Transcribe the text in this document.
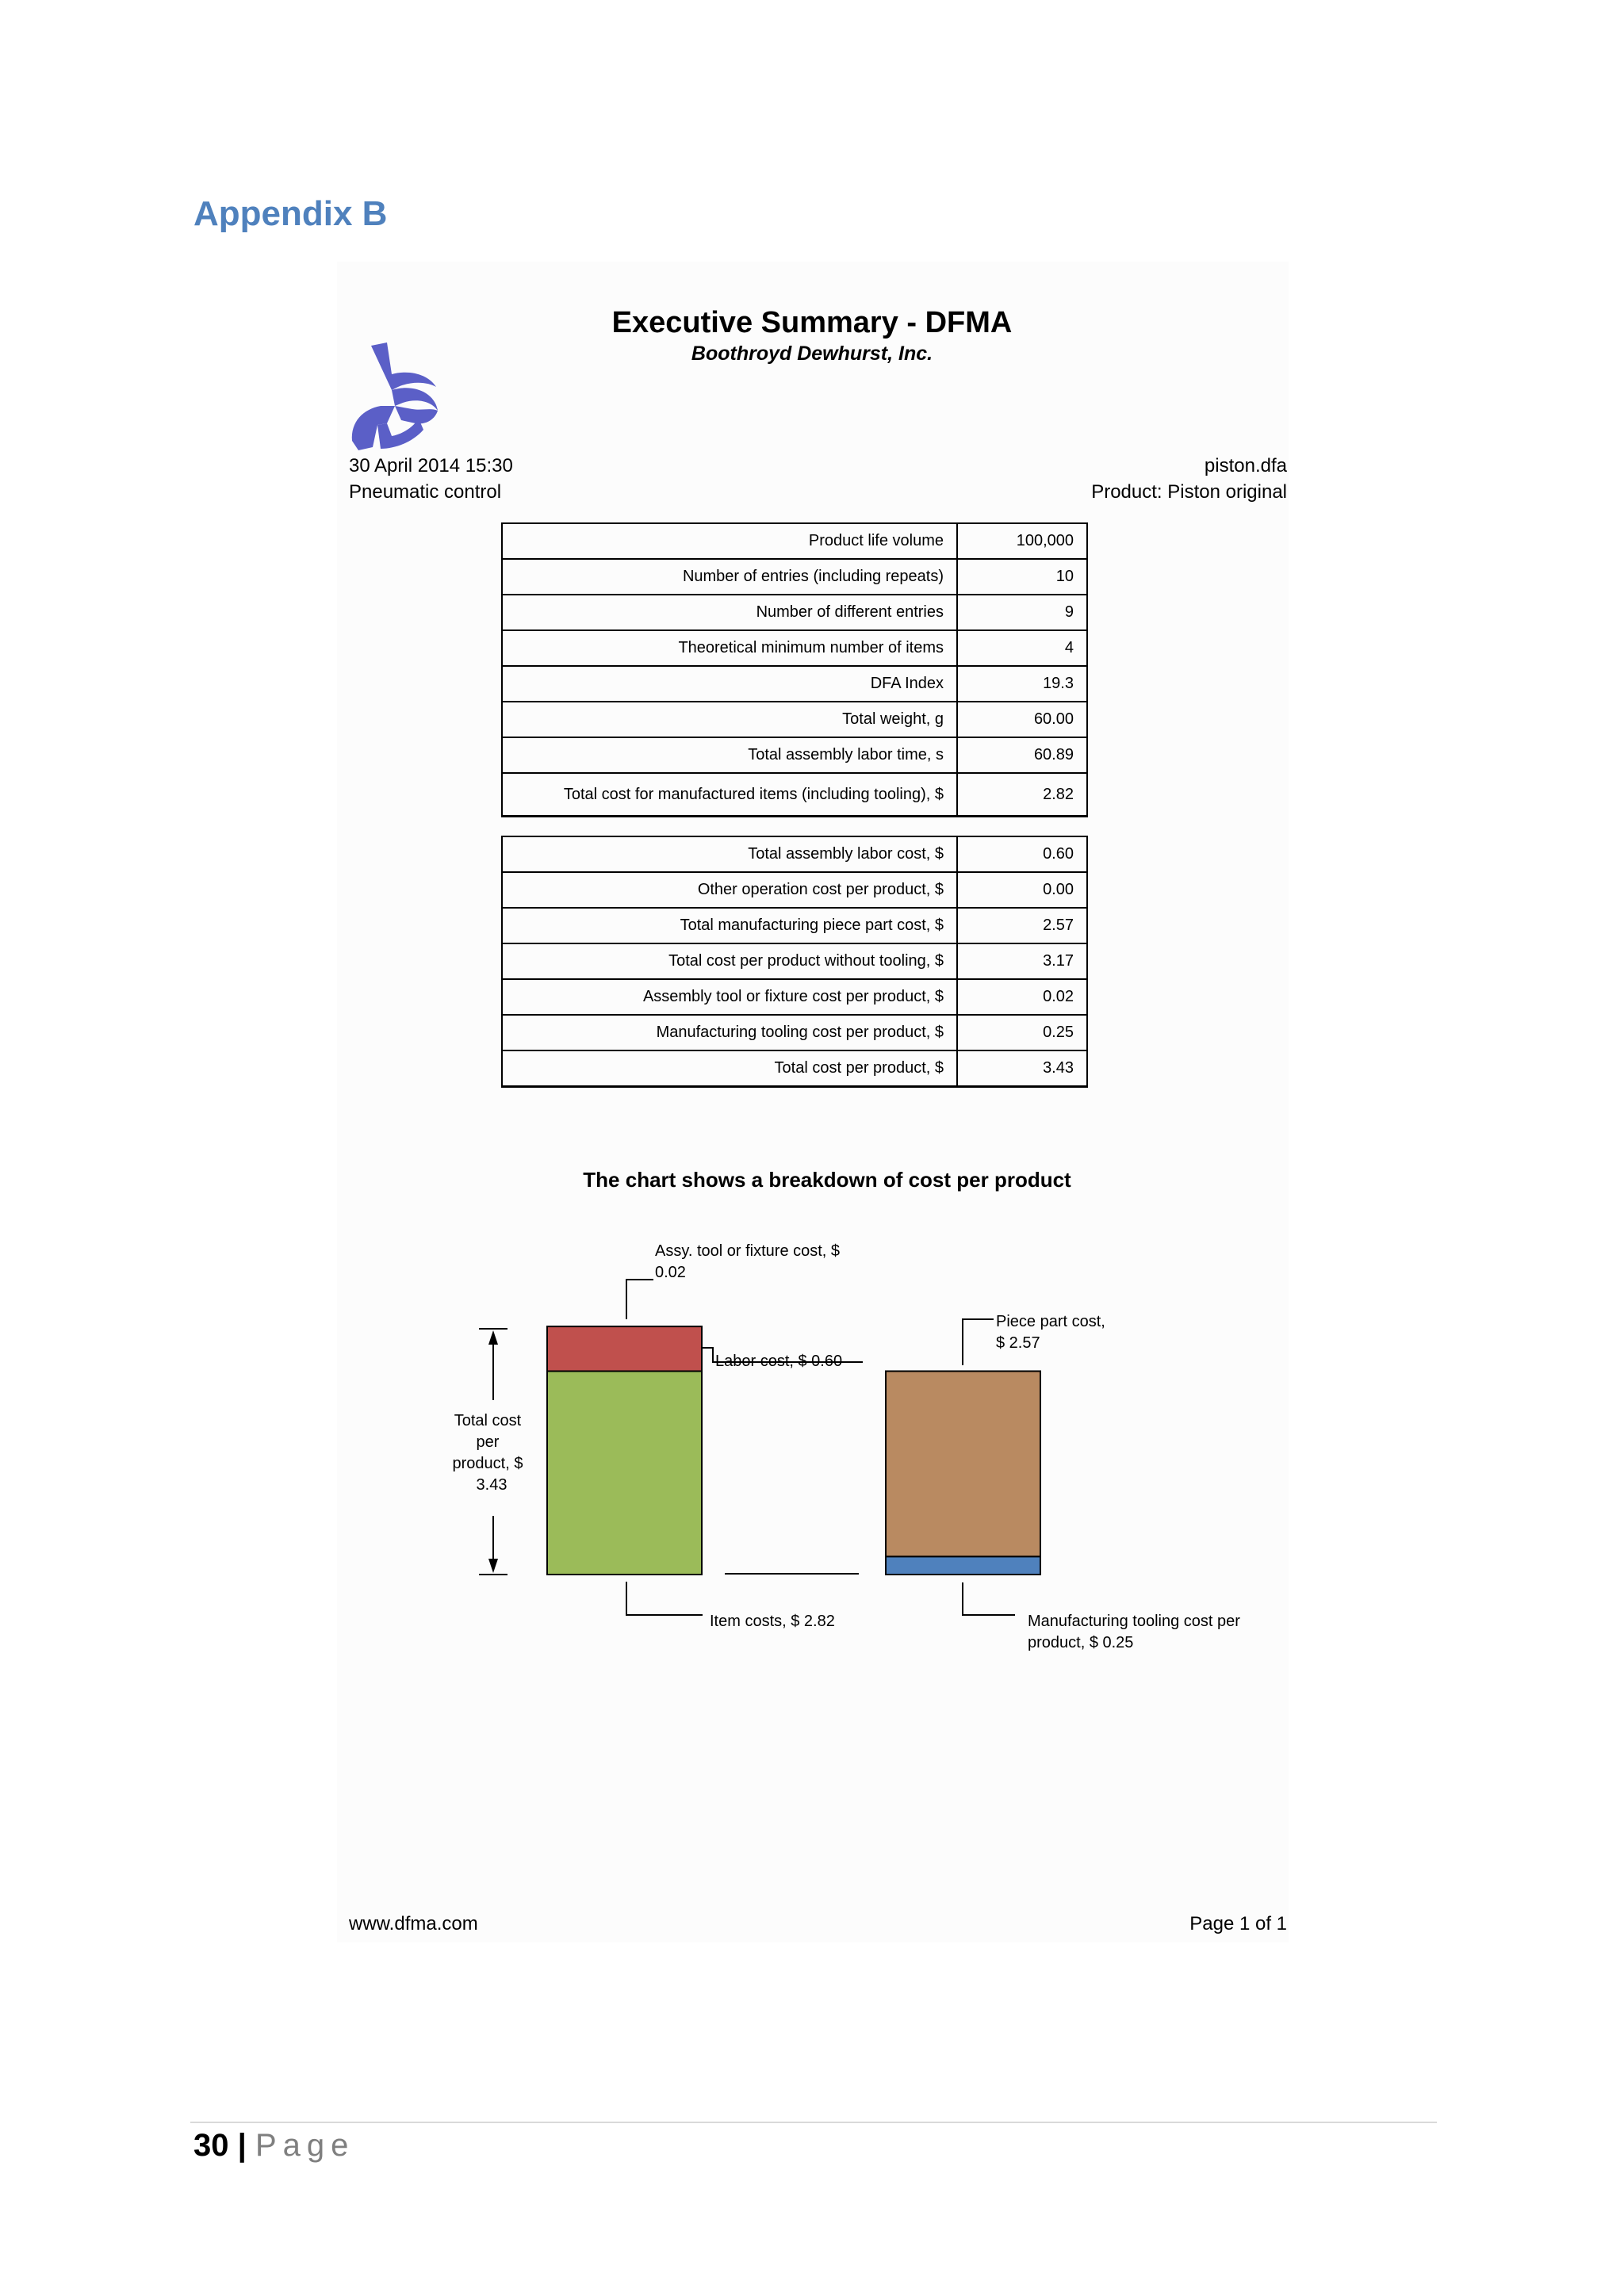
Appendix B
Executive Summary - DFMA
Boothroyd Dewhurst, Inc.
30 April 2014 15:30
Pneumatic control
piston.dfa
Product: Piston original
Product life volume	100,000
Number of entries (including repeats)	10
Number of different entries	9
Theoretical minimum number of items	4
DFA Index	19.3
Total weight, g	60.00
Total assembly labor time, s	60.89
Total cost for manufactured items (including tooling), $	2.82
Total assembly labor cost, $	0.60
Other operation cost per product, $	0.00
Total manufacturing piece part cost, $	2.57
Total cost per product without tooling, $	3.17
Assembly tool or fixture cost per product, $	0.02
Manufacturing tooling cost per product, $	0.25
Total cost per product, $	3.43
The chart shows a breakdown of cost per product
Assy. tool or fixture cost, $
0.02
Labor cost, $ 0.60
Total cost
per
product, $
3.43
Item costs, $ 2.82
Piece part cost,
$ 2.57
Manufacturing tooling cost per
product, $ 0.25
www.dfma.com	Page 1 of 1
30 | Page
